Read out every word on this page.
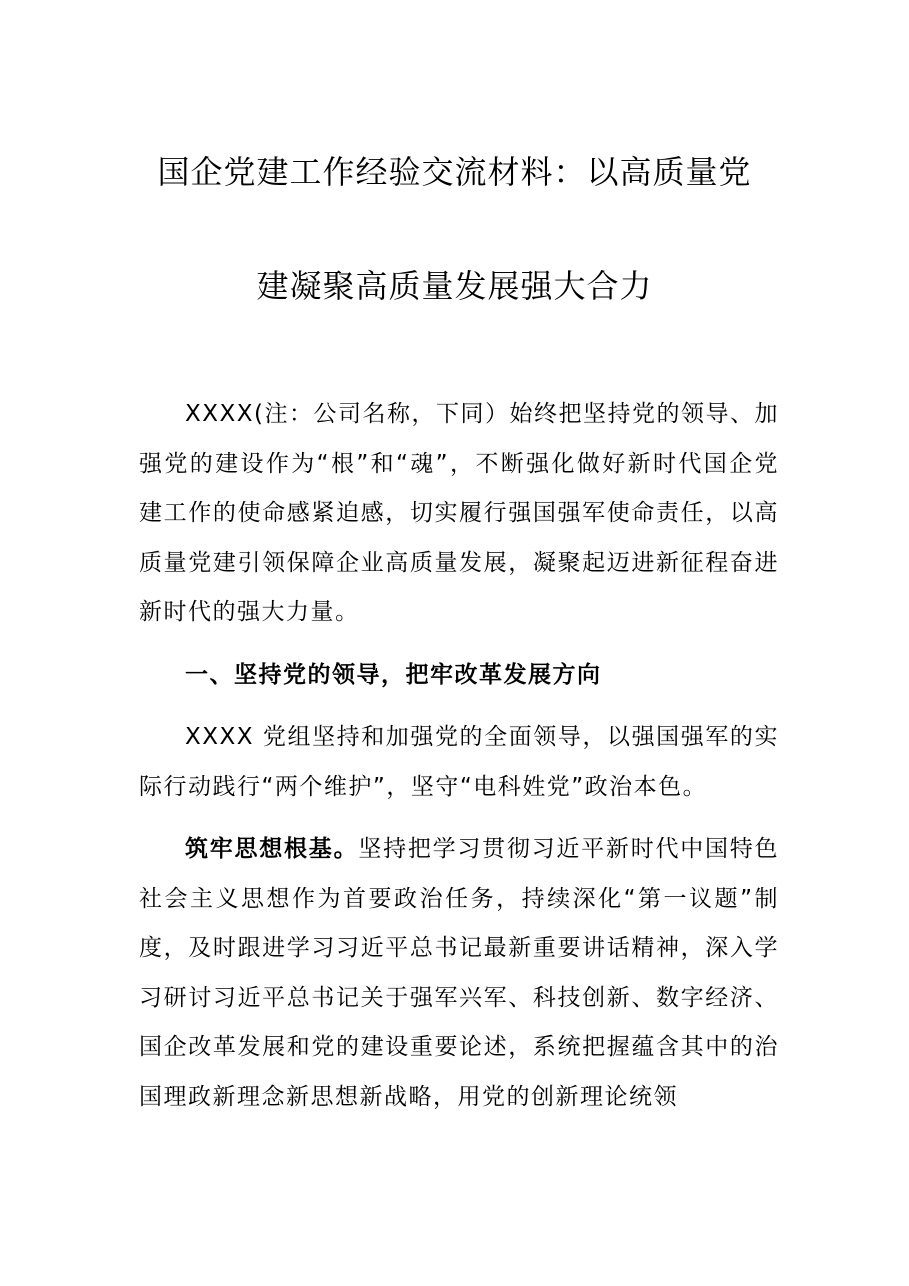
国企党建工作经验交流材料：以高质量党
建凝聚高质量发展强大合力

XXXX(注：公司名称，下同）始终把坚持党的领导、加强党的建设作为“根”和“魂”，不断强化做好新时代国企党建工作的使命感紧迫感，切实履行强国强军使命责任，以高质量党建引领保障企业高质量发展，凝聚起迈进新征程奋进新时代的强大力量。

一、坚持党的领导，把牢改革发展方向

XXXX 党组坚持和加强党的全面领导，以强国强军的实际行动践行“两个维护”，坚守“电科姓党”政治本色。

筑牢思想根基。坚持把学习贯彻习近平新时代中国特色社会主义思想作为首要政治任务，持续深化“第一议题”制度，及时跟进学习习近平总书记最新重要讲话精神，深入学习研讨习近平总书记关于强军兴军、科技创新、数字经济、国企改革发展和党的建设重要论述，系统把握蕴含其中的治国理政新理念新思想新战略，用党的创新理论统领
